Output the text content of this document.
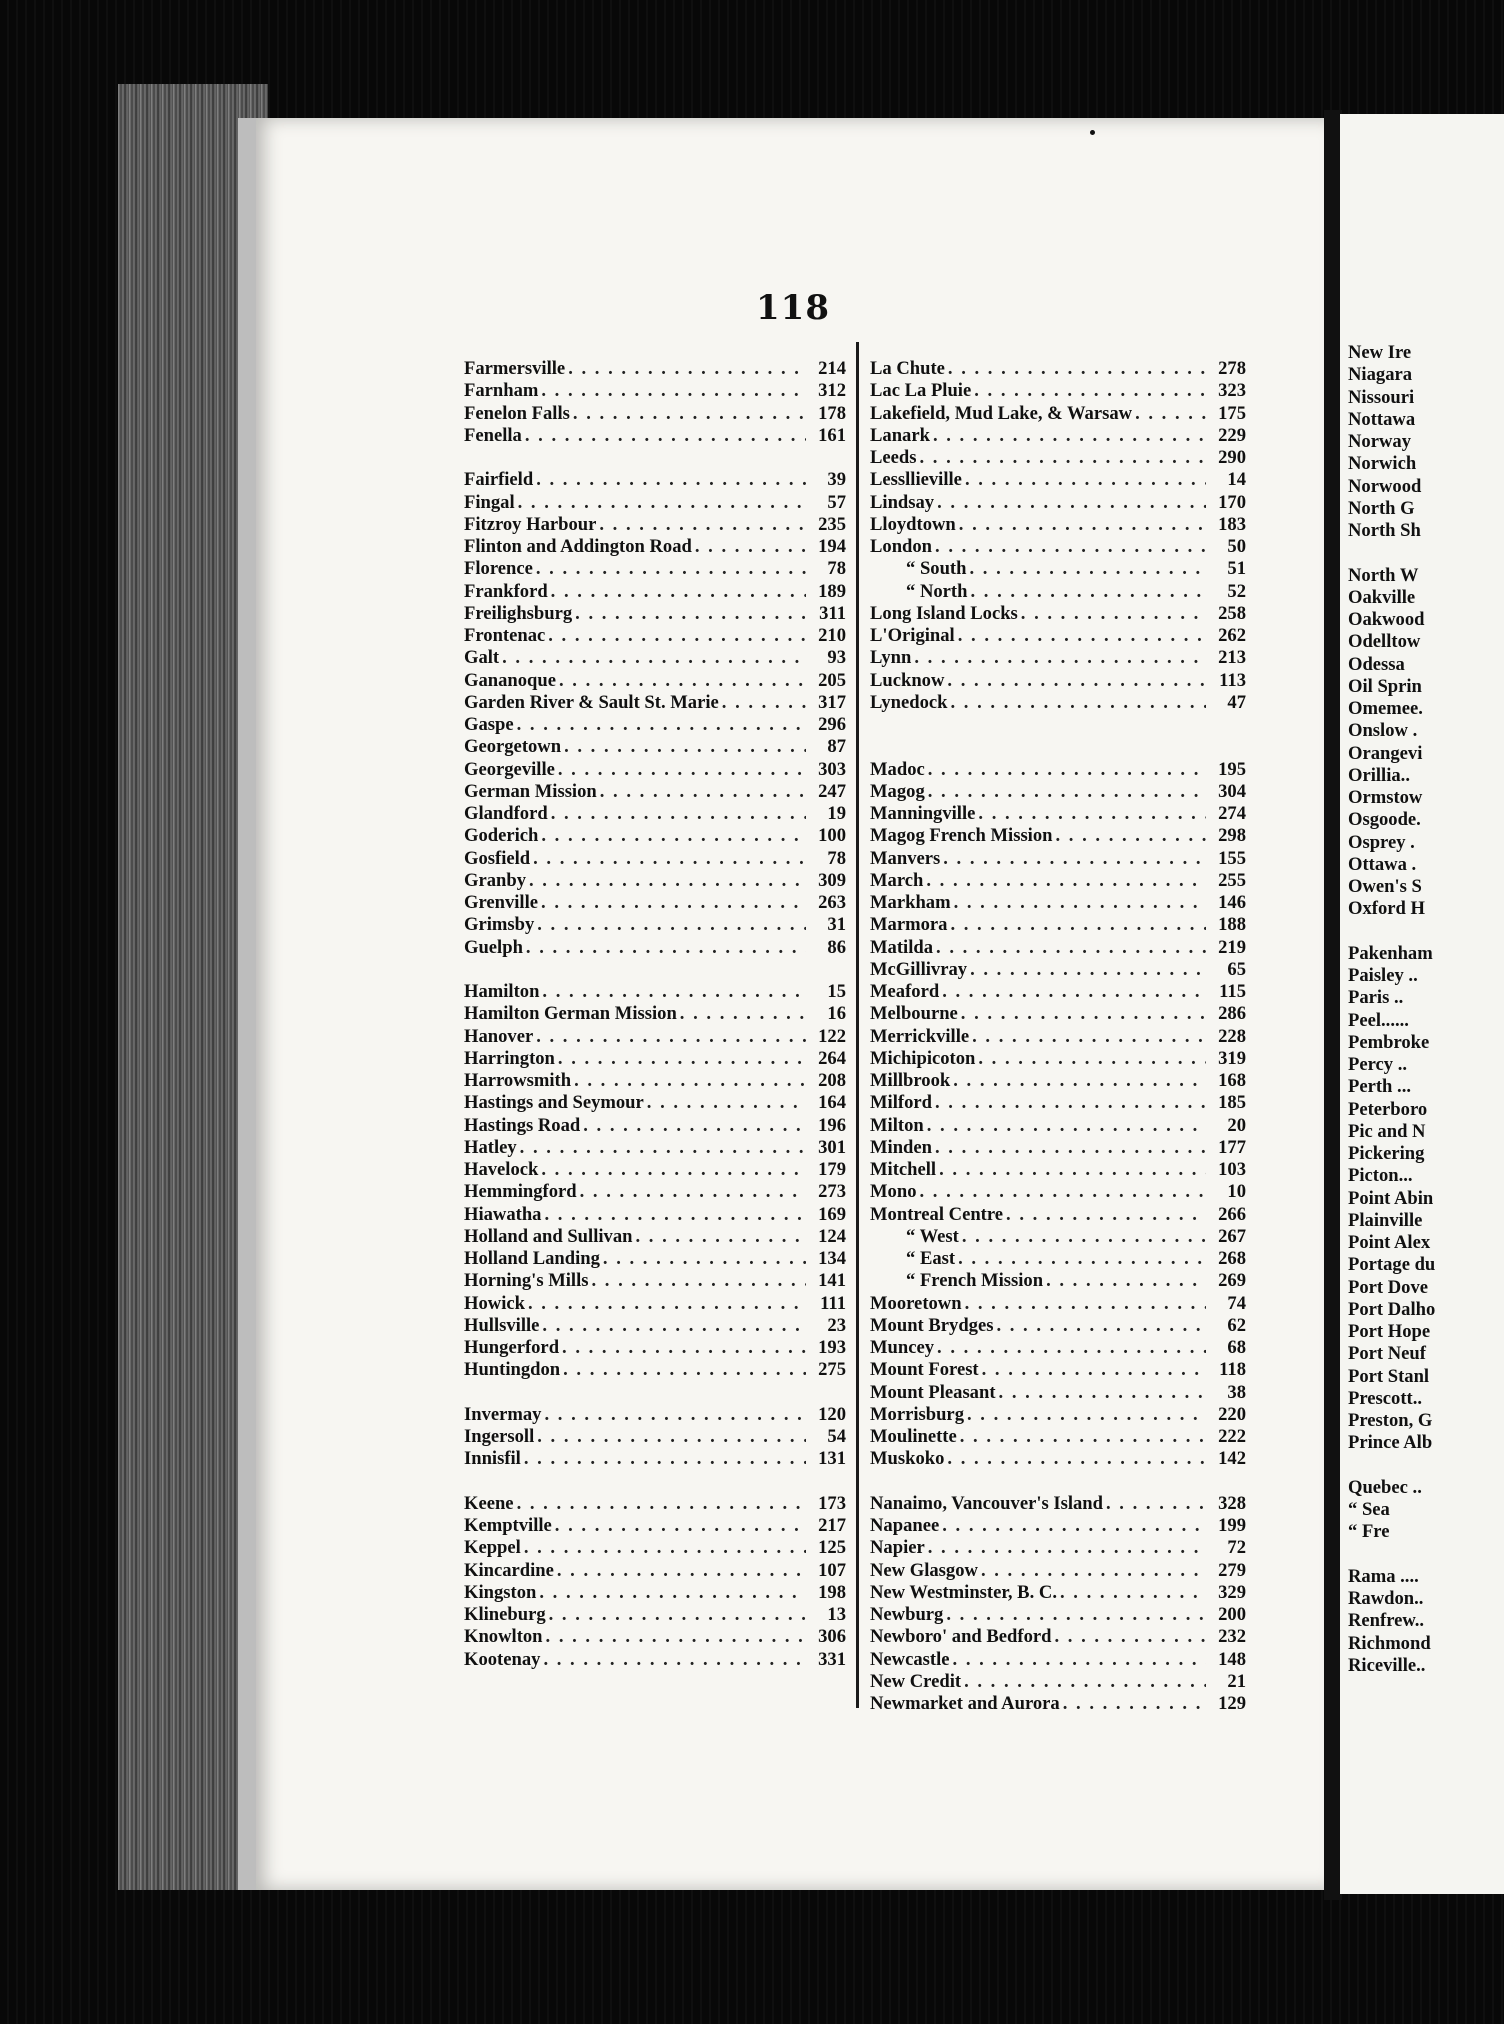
118
Farmersville . . .	214
Farnham . . .	312
Fenelon Falls . . .	178
Fenella . . .	161
Fairfield . . .	39
Fingal . . .	57
Fitzroy Harbour . . .	235
Flinton and Addington Road . . .	194
Florence . . .	78
Frankford . . .	189
Freilighsburg . . .	311
Frontenac . . .	210
Galt . . .	93
Gananoque . . .	205
Garden River & Sault St. Marie . . .	317
Gaspe . . .	296
Georgetown . . .	87
Georgeville . . .	303
German Mission . . .	247
Glandford . . .	19
Goderich . . .	100
Gosfield . . .	78
Granby . . .	309
Grenville . . .	263
Grimsby . . .	31
Guelph . . .	86
Hamilton . . .	15
Hamilton German Mission . . .	16
Hanover . . .	122
Harrington . . .	264
Harrowsmith . . .	208
Hastings and Seymour . . .	164
Hastings Road . . .	196
Hatley . . .	301
Havelock . . .	179
Hemmingford . . .	273
Hiawatha . . .	169
Holland and Sullivan . . .	124
Holland Landing . . .	134
Horning's Mills . . .	141
Howick . . .	111
Hullsville . . .	23
Hungerford . . .	193
Huntingdon . . .	275
Invermay . . .	120
Ingersoll . . .	54
Innisfil . . .	131
Keene . . .	173
Kemptville . . .	217
Keppel . . .	125
Kincardine . . .	107
Kingston . . .	198
Klineburg . . .	13
Knowlton . . .	306
Kootenay . . .	331
La Chute . . .	278
Lac La Pluie . . .	323
Lakefield, Mud Lake, & Warsaw . . .	175
Lanark . . .	229
Leeds . . .	290
Lessllieville . . .	14
Lindsay . . .	170
Lloydtown . . .	183
London . . .	50
“ South . . .	51
“ North . . .	52
Long Island Locks . . .	258
L'Original . . .	262
Lynn . . .	213
Lucknow . . .	113
Lynedock . . .	47
Madoc . . .	195
Magog . . .	304
Manningville . . .	274
Magog French Mission . . .	298
Manvers . . .	155
March . . .	255
Markham . . .	146
Marmora . . .	188
Matilda . . .	219
McGillivray . . .	65
Meaford . . .	115
Melbourne . . .	286
Merrickville . . .	228
Michipicoton . . .	319
Millbrook . . .	168
Milford . . .	185
Milton . . .	20
Minden . . .	177
Mitchell . . .	103
Mono . . .	10
Montreal Centre . . .	266
“ West . . .	267
“ East . . .	268
“ French Mission . . .	269
Mooretown . . .	74
Mount Brydges . . .	62
Muncey . . .	68
Mount Forest . . .	118
Mount Pleasant . . .	38
Morrisburg . . .	220
Moulinette . . .	222
Muskoko . . .	142
Nanaimo, Vancouver's Island . . .	328
Napanee . . .	199
Napier . . .	72
New Glasgow . . .	279
New Westminster, B. C. . . .	329
Newburg . . .	200
Newboro' and Bedford . . .	232
Newcastle . . .	148
New Credit . . .	21
Newmarket and Aurora . . .	129
New Ire
Niagara
Nissouri
Nottawa
Norway
Norwich
Norwood
North G
North Sh
North W
Oakville
Oakwood
Odelltow
Odessa
Oil Sprin
Omemee.
Onslow .
Orangevi
Orillia..
Ormstow
Osgoode.
Osprey .
Ottawa .
Owen's S
Oxford H
Pakenham
Paisley ..
Paris ..
Peel......
Pembroke
Percy ..
Perth ...
Peterboro
Pic and N
Pickering
Picton...
Point Abin
Plainville
Point Alex
Portage du
Port Dove
Port Dalho
Port Hope
Port Neuf
Port Stanl
Prescott..
Preston, G
Prince Alb
Quebec ..
“ Sea
“ Fre
Rama ....
Rawdon..
Renfrew..
Richmond
Riceville..
